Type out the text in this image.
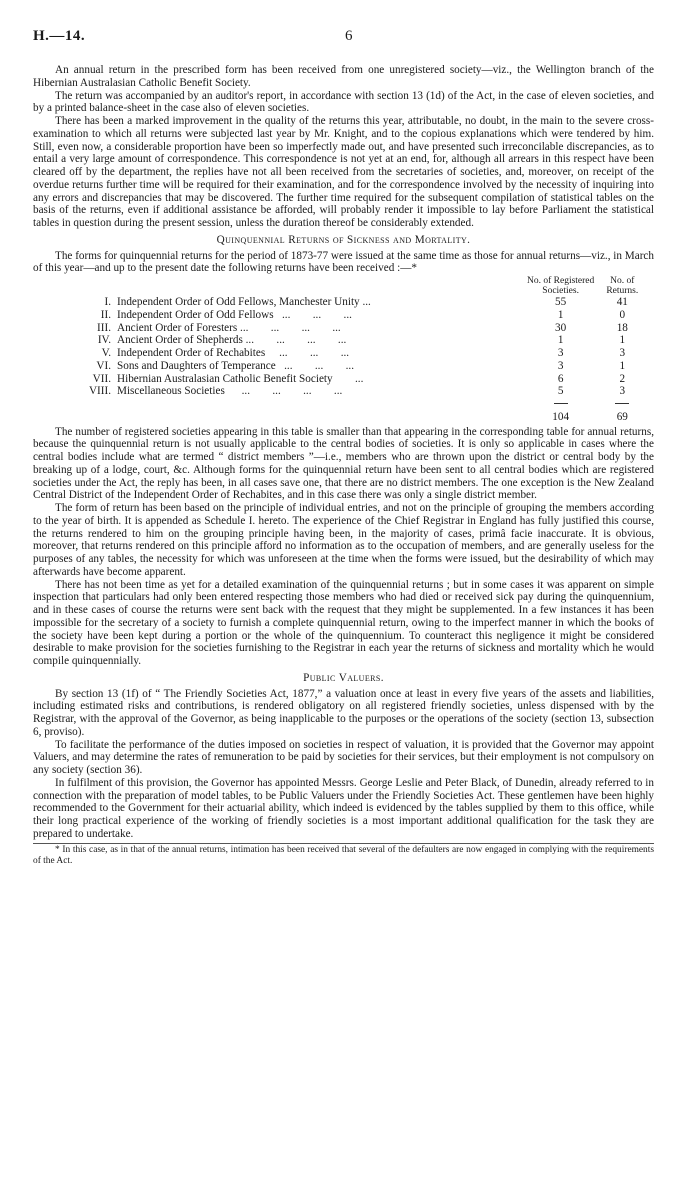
H.—14.	6

An annual return in the prescribed form has been received from one unregistered society—viz., the Wellington branch of the Hibernian Australasian Catholic Benefit Society.

The return was accompanied by an auditor's report, in accordance with section 13 (1d) of the Act, in the case of eleven societies, and by a printed balance-sheet in the case also of eleven societies.

There has been a marked improvement in the quality of the returns this year, attributable, no doubt, in the main to the severe cross-examination to which all returns were subjected last year by Mr. Knight, and to the copious explanations which were tendered by him. Still, even now, a considerable proportion have been so imperfectly made out, and have presented such irreconcilable discrepancies, as to entail a very large amount of correspondence. This correspondence is not yet at an end, for, although all arrears in this respect have been cleared off by the department, the replies have not all been received from the secretaries of societies, and, moreover, on receipt of the overdue returns further time will be required for their examination, and for the correspondence involved by the necessity of inquiring into any errors and discrepancies that may be discovered. The further time required for the subsequent compilation of statistical tables on the basis of the returns, even if additional assistance be afforded, will probably render it impossible to lay before Parliament the statistical tables in question during the present session, unless the duration thereof be considerably extended.

Quinquennial Returns of Sickness and Mortality.

The forms for quinquennial returns for the period of 1873-77 were issued at the same time as those for annual returns—viz., in March of this year—and up to the present date the following returns have been received :—*

		No. of Registered	No. of
		Societies.	Returns.
I.	Independent Order of Odd Fellows, Manchester Unity ...	55	41
II.	Independent Order of Odd Fellows   ...        ...        ...	1	0
III.	Ancient Order of Foresters ...        ...        ...        ...	30	18
IV.	Ancient Order of Shepherds ...        ...        ...        ...	1	1
V.	Independent Order of Rechabites     ...        ...        ...	3	3
VI.	Sons and Daughters of Temperance   ...        ...        ...	3	1
VII.	Hibernian Australasian Catholic Benefit Society        ...	6	2
VIII.	Miscellaneous Societies      ...        ...        ...        ...	5	3

		104	69

The number of registered societies appearing in this table is smaller than that appearing in the corresponding table for annual returns, because the quinquennial return is not usually applicable to the central bodies of societies. It is only so applicable in cases where the central bodies include what are termed “ district members ”—i.e., members who are thrown upon the district or central body by the breaking up of a lodge, court, &c. Although forms for the quinquennial return have been sent to all central bodies which are registered societies under the Act, the reply has been, in all cases save one, that there are no district members. The one exception is the New Zealand Central District of the Independent Order of Rechabites, and in this case there was only a single district member.

The form of return has been based on the principle of individual entries, and not on the principle of grouping the members according to the year of birth. It is appended as Schedule I. hereto. The experience of the Chief Registrar in England has fully justified this course, the returns rendered to him on the grouping principle having been, in the majority of cases, primâ facie inaccurate. It is obvious, moreover, that returns rendered on this principle afford no information as to the occupation of members, and are generally useless for the purposes of any tables, the necessity for which was unforeseen at the time when the forms were issued, but the desirability of which may afterwards have become apparent.

There has not been time as yet for a detailed examination of the quinquennial returns ; but in some cases it was apparent on simple inspection that particulars had only been entered respecting those members who had died or received sick pay during the quinquennium, and in these cases of course the returns were sent back with the request that they might be supplemented. In a few instances it has been impossible for the secretary of a society to furnish a complete quinquennial return, owing to the imperfect manner in which the books of the society have been kept during a portion or the whole of the quinquennium. To counteract this negligence it might be considered desirable to make provision for the societies furnishing to the Registrar in each year the returns of sickness and mortality which he would compile quinquennially.

Public Valuers.

By section 13 (1f) of “ The Friendly Societies Act, 1877,” a valuation once at least in every five years of the assets and liabilities, including estimated risks and contributions, is rendered obligatory on all registered friendly societies, unless dispensed with by the Registrar, with the approval of the Governor, as being inapplicable to the purposes or the operations of the society (section 13, subsection 6, proviso).

To facilitate the performance of the duties imposed on societies in respect of valuation, it is provided that the Governor may appoint Valuers, and may determine the rates of remuneration to be paid by societies for their services, but their employment is not compulsory on any society (section 36).

In fulfilment of this provision, the Governor has appointed Messrs. George Leslie and Peter Black, of Dunedin, already referred to in connection with the preparation of model tables, to be Public Valuers under the Friendly Societies Act. These gentlemen have been highly recommended to the Government for their actuarial ability, which indeed is evidenced by the tables supplied by them to this office, while their long practical experience of the working of friendly societies is a most important additional qualification for the task they are prepared to undertake.

* In this case, as in that of the annual returns, intimation has been received that several of the defaulters are now engaged in complying with the requirements of the Act.
